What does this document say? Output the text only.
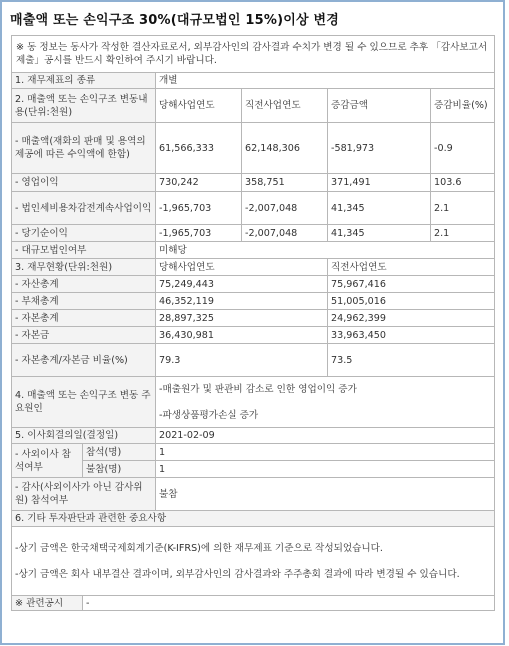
매출액 또는 손익구조 30%(대규모법인 15%)이상 변경
※ 동 정보는 동사가 작성한 결산자료로서, 외부감사인의 감사결과 수치가 변경 될 수 있으므로 추후 「감사보고서 제출」공시를 반드시 확인하여 주시기 바랍니다.					
1. 재무제표의 종류		개별			
2. 매출액 또는 손익구조 변동내용(단위:천원)		당해사업연도	직전사업연도	증감금액	증감비율(%)
- 매출액(재화의 판매 및 용역의 제공에 따른 수익액에 한함)		61,566,333	62,148,306	-581,973	-0.9
- 영업이익		730,242	358,751	371,491	103.6
- 법인세비용차감전계속사업이익		-1,965,703	-2,007,048	41,345	2.1
- 당기순이익		-1,965,703	-2,007,048	41,345	2.1
- 대규모법인여부		미해당			
3. 재무현황(단위:천원)		당해사업연도		직전사업연도	
- 자산총계		75,249,443		75,967,416	
- 부채총계		46,352,119		51,005,016	
- 자본총계		28,897,325		24,962,399	
- 자본금		36,430,981		33,963,450	
- 자본총계/자본금 비율(%)		79.3		73.5	
4. 매출액 또는 손익구조 변동 주요원인		-매출원가 및 판관비 감소로 인한 영업이익 증가

-파생상품평가손실 증가			
5. 이사회결의일(결정일)		2021-02-09			
- 사외이사 참석여부	참석(명)	1			
	불참(명)	1			
- 감사(사외이사가 아닌 감사위원) 참석여부		불참			
6. 기타 투자판단과 관련한 중요사항					
-상기 금액은 한국채택국제회계기준(K-IFRS)에 의한 재무제표 기준으로 작성되었습니다.

-상기 금액은 회사 내부결산 결과이며, 외부감사인의 감사결과와 주주총회 결과에 따라 변경될 수 있습니다.					
※ 관련공시	-				
